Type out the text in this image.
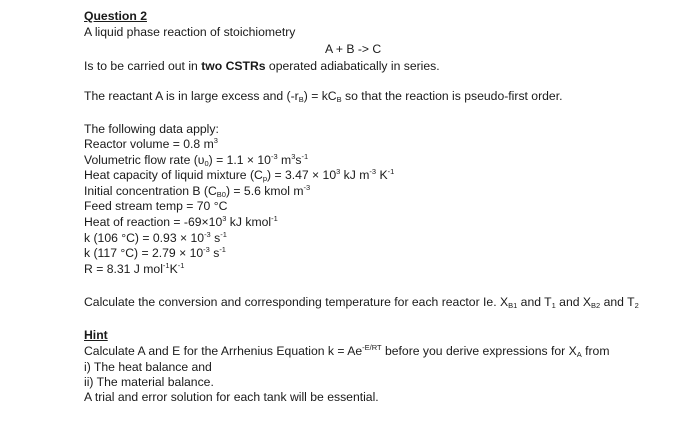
Question 2
A liquid phase reaction of stoichiometry
A + B -> C
Is to be carried out in two CSTRs operated adiabatically in series.
The reactant A is in large excess and $(-r_B) = kC_B$ so that the reaction is pseudo-first order.
The following data apply:
Reactor volume = 0.8 $m^3$
Volumetric flow rate $(\upsilon_0) = 1.1 \times 10^{-3}$ $m^3s^{-1}$
Heat capacity of liquid mixture $(C_p) = 3.47 \times 10^3$ kJ $m^{-3}$ $K^{-1}$
Initial concentration B $(C_{B0}) = 5.6$ kmol $m^{-3}$
Feed stream temp = 70 °C
Heat of reaction = $-69\times 10^3$ kJ kmol$^{-1}$
k (106 $^\circ C) = 0.93 \times 10^{-3}$ $s^{-1}$
k (117 $^\circ C) = 2.79 \times 10^{-3}$ $s^{-1}$
R = 8.31 J $mol^{-1}K^{-1}$
Calculate the conversion and corresponding temperature for each reactor Ie. $X_{B1}$ and $T_1$ and $X_{B2}$ and $T_2$
Hint
Calculate A and E for the Arrhenius Equation $k = Ae^{-E/RT}$ before you derive expressions for $X_A$ from
i) The heat balance and
ii) The material balance.
A trial and error solution for each tank will be essential.
